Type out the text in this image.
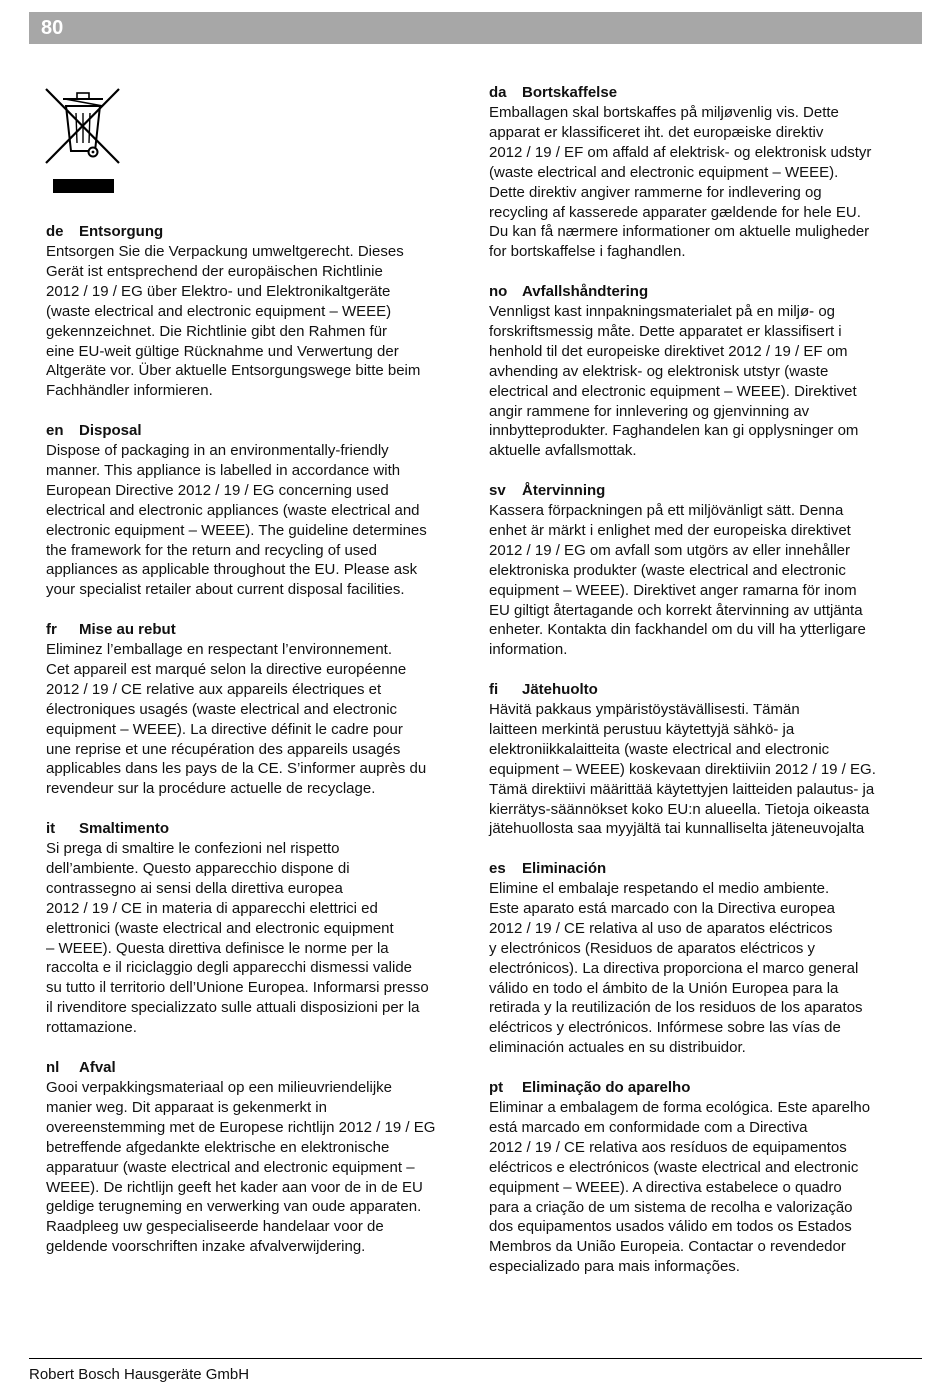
80
de Entsorgung
Entsorgen Sie die Verpackung umweltgerecht. Dieses
Gerät ist entsprechend der europäischen Richtlinie
2012 / 19 / EG über Elektro- und Elektronikaltgeräte
(waste electrical and electronic equipment – WEEE)
gekennzeichnet. Die Richtlinie gibt den Rahmen für
eine EU-weit gültige Rücknahme und Verwertung der
Altgeräte vor. Über aktuelle Entsorgungswege bitte beim
Fachhändler informieren.
en Disposal
Dispose of packaging in an environmentally-friendly
manner. This appliance is labelled in accordance with
European Directive 2012 / 19 / EG concerning used
electrical and electronic appliances (waste electrical and
electronic equipment – WEEE). The guideline determines
the framework for the return and recycling of used
appliances as applicable throughout the EU. Please ask
your specialist retailer about current disposal facilities.
fr Mise au rebut
Eliminez l’emballage en respectant l’environnement.
Cet appareil est marqué selon la directive européenne
2012 / 19 / CE relative aux appareils électriques et
électroniques usagés (waste electrical and electronic
equipment – WEEE). La directive définit le cadre pour
une reprise et une récupération des appareils usagés
applicables dans les pays de la CE. S’informer auprès du
revendeur sur la procédure actuelle de recyclage.
it Smaltimento
Si prega di smaltire le confezioni nel rispetto
dell’ambiente. Questo apparecchio dispone di
contrassegno ai sensi della direttiva europea
2012 / 19 / CE in materia di apparecchi elettrici ed
elettronici (waste electrical and electronic equipment
– WEEE). Questa direttiva definisce le norme per la
raccolta e il riciclaggio degli apparecchi dismessi valide
su tutto il territorio dell’Unione Europea. Informarsi presso
il rivenditore specializzato sulle attuali disposizioni per la
rottamazione.
nl Afval
Gooi verpakkingsmateriaal op een milieuvriendelijke
manier weg. Dit apparaat is gekenmerkt in
overeenstemming met de Europese richtlijn 2012 / 19 / EG
betreffende afgedankte elektrische en elektronische
apparatuur (waste electrical and electronic equipment –
WEEE). De richtlijn geeft het kader aan voor de in de EU
geldige terugneming en verwerking van oude apparaten.
Raadpleeg uw gespecialiseerde handelaar voor de
geldende voorschriften inzake afvalverwijdering.
da Bortskaffelse
Emballagen skal bortskaffes på miljøvenlig vis. Dette
apparat er klassificeret iht. det europæiske direktiv
2012 / 19 / EF om affald af elektrisk- og elektronisk udstyr
(waste electrical and electronic equipment – WEEE).
Dette direktiv angiver rammerne for indlevering og
recycling af kasserede apparater gældende for hele EU.
Du kan få nærmere informationer om aktuelle muligheder
for bortskaffelse i faghandlen.
no Avfallshåndtering
Vennligst kast innpakningsmaterialet på en miljø- og
forskriftsmessig måte. Dette apparatet er klassifisert i
henhold til det europeiske direktivet 2012 / 19 / EF om
avhending av elektrisk- og elektronisk utstyr (waste
electrical and electronic equipment – WEEE). Direktivet
angir rammene for innlevering og gjenvinning av
innbytteprodukter. Faghandelen kan gi opplysninger om
aktuelle avfallsmottak.
sv Återvinning
Kassera förpackningen på ett miljövänligt sätt. Denna
enhet är märkt i enlighet med der europeiska direktivet
2012 / 19 / EG om avfall som utgörs av eller innehåller
elektroniska produkter (waste electrical and electronic
equipment – WEEE). Direktivet anger ramarna för inom
EU giltigt återtagande och korrekt återvinning av uttjänta
enheter. Kontakta din fackhandel om du vill ha ytterligare
information.
fi Jätehuolto
Hävitä pakkaus ympäristöystävällisesti. Tämän
laitteen merkintä perustuu käytettyjä sähkö- ja
elektroniikkalaitteita (waste electrical and electronic
equipment – WEEE) koskevaan direktiiviin 2012 / 19 / EG.
Tämä direktiivi määrittää käytettyjen laitteiden palautus- ja
kierrätys-säännökset koko EU:n alueella. Tietoja oikeasta
jätehuollosta saa myyjältä tai kunnalliselta jäteneuvojalta
es Eliminación
Elimine el embalaje respetando el medio ambiente.
Este aparato está marcado con la Directiva europea
2012 / 19 / CE relativa al uso de aparatos eléctricos
y electrónicos (Residuos de aparatos eléctricos y
electrónicos). La directiva proporciona el marco general
válido en todo el ámbito de la Unión Europea para la
retirada y la reutilización de los residuos de los aparatos
eléctricos y electrónicos. Infórmese sobre las vías de
eliminación actuales en su distribuidor.
pt Eliminação do aparelho
Eliminar a embalagem de forma ecológica. Este aparelho
está marcado em conformidade com a Directiva
2012 / 19 / CE relativa aos resíduos de equipamentos
eléctricos e electrónicos (waste electrical and electronic
equipment – WEEE). A directiva estabelece o quadro
para a criação de um sistema de recolha e valorização
dos equipamentos usados válido em todos os Estados
Membros da União Europeia. Contactar o revendedor
especializado para mais informações.
Robert Bosch Hausgeräte GmbH
